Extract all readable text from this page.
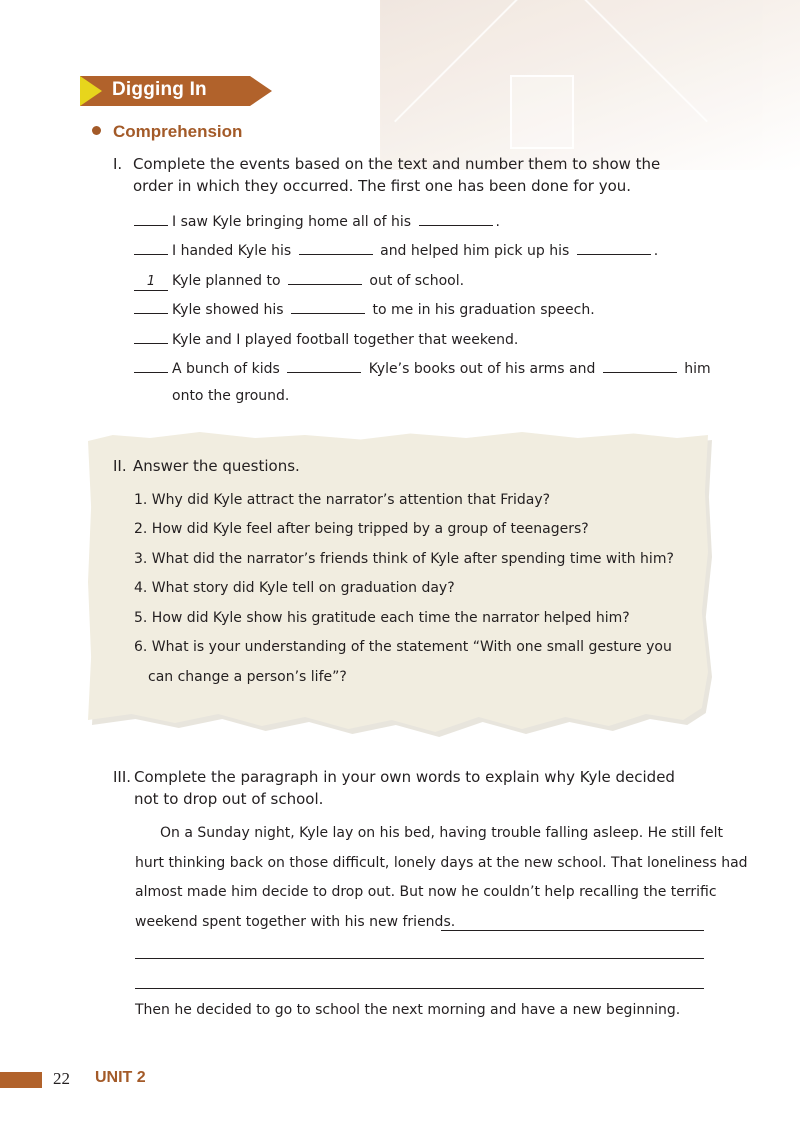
Digging In
Comprehension
I. Complete the events based on the text and number them to show the order in which they occurred. The first one has been done for you.
I saw Kyle bringing home all of his	.
I handed Kyle his	and helped him pick up his	.
1 Kyle planned to	out of school.
Kyle showed his	to me in his graduation speech.
Kyle and I played football together that weekend.
A bunch of kids	Kyle’s books out of his arms and	him
onto the ground.
II. Answer the questions.
1. Why did Kyle attract the narrator’s attention that Friday?
2. How did Kyle feel after being tripped by a group of teenagers?
3. What did the narrator’s friends think of Kyle after spending time with him?
4. What story did Kyle tell on graduation day?
5. How did Kyle show his gratitude each time the narrator helped him?
6. What is your understanding of the statement “With one small gesture you
can change a person’s life”?
III. Complete the paragraph in your own words to explain why Kyle decided not to drop out of school.
On a Sunday night, Kyle lay on his bed, having trouble falling asleep. He still felt
hurt thinking back on those difficult, lonely days at the new school. That loneliness had
almost made him decide to drop out. But now he couldn’t help recalling the terrific
weekend spent together with his new friends.
Then he decided to go to school the next morning and have a new beginning.
22 UNIT 2
